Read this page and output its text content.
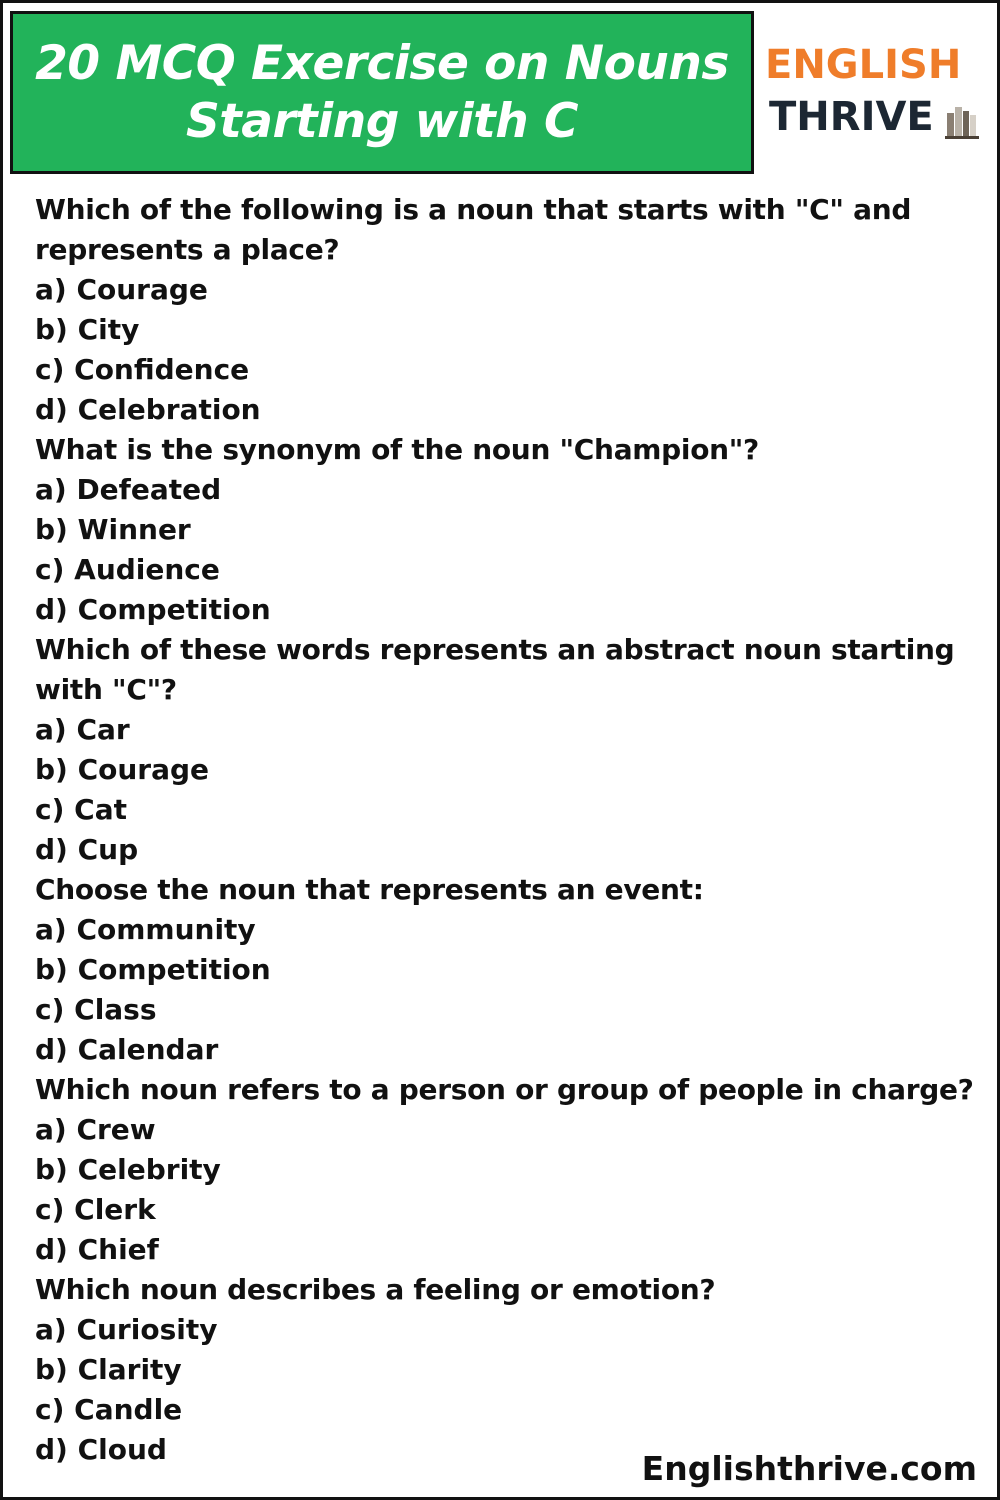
20 MCQ Exercise on Nouns
Starting with C
ENGLISH
THRIVE
Which of the following is a noun that starts with "C" and represents a place?
a) Courage
b) City
c) Confidence
d) Celebration
What is the synonym of the noun "Champion"?
a) Defeated
b) Winner
c) Audience
d) Competition
Which of these words represents an abstract noun starting with "C"?
a) Car
b) Courage
c) Cat
d) Cup
Choose the noun that represents an event:
a) Community
b) Competition
c) Class
d) Calendar
Which noun refers to a person or group of people in charge?
a) Crew
b) Celebrity
c) Clerk
d) Chief
Which noun describes a feeling or emotion?
a) Curiosity
b) Clarity
c) Candle
d) Cloud	Englishthrive.com
